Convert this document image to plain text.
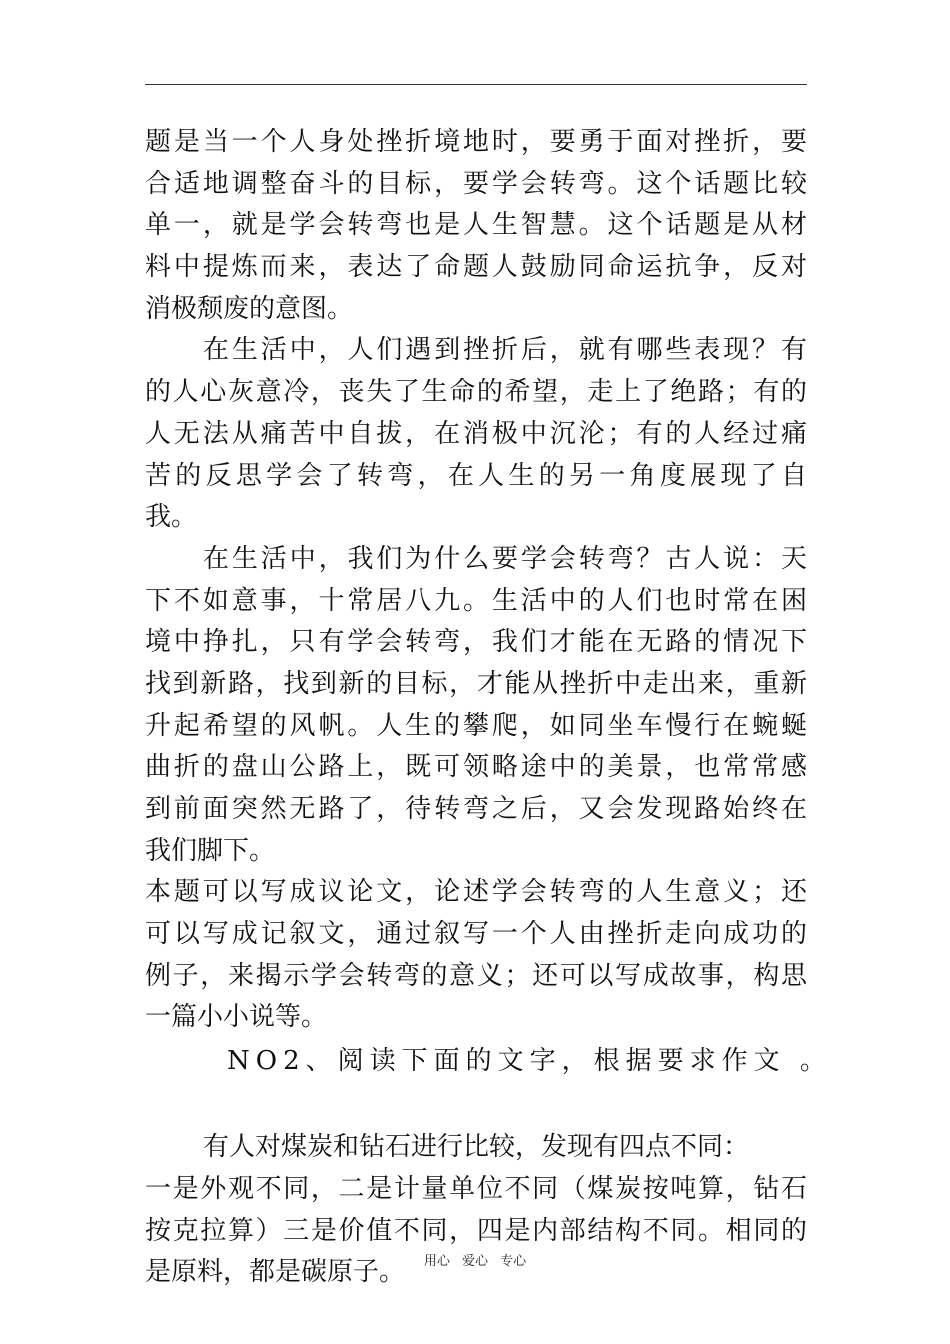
题是当一个人身处挫折境地时，要勇于面对挫折，要
合适地调整奋斗的目标，要学会转弯。这个话题比较
单一，就是学会转弯也是人生智慧。这个话题是从材
料中提炼而来，表达了命题人鼓励同命运抗争，反对
消极颓废的意图。
在生活中，人们遇到挫折后，就有哪些表现？有
的人心灰意冷，丧失了生命的希望，走上了绝路；有的
人无法从痛苦中自拔，在消极中沉沦；有的人经过痛
苦的反思学会了转弯，在人生的另一角度展现了自
我。
在生活中，我们为什么要学会转弯？古人说：天
下不如意事，十常居八九。生活中的人们也时常在困
境中挣扎，只有学会转弯，我们才能在无路的情况下
找到新路，找到新的目标，才能从挫折中走出来，重新
升起希望的风帆。人生的攀爬，如同坐车慢行在蜿蜒
曲折的盘山公路上，既可领略途中的美景，也常常感
到前面突然无路了，待转弯之后，又会发现路始终在
我们脚下。
本题可以写成议论文，论述学会转弯的人生意义；还
可以写成记叙文，通过叙写一个人由挫折走向成功的
例子，来揭示学会转弯的意义；还可以写成故事，构思
一篇小小说等。
NO2、阅读下面的文字，根据要求作文 。
有人对煤炭和钻石进行比较，发现有四点不同：
一是外观不同，二是计量单位不同（煤炭按吨算，钻石
按克拉算）三是价值不同，四是内部结构不同。相同的
是原料，都是碳原子。	用心 爱心 专心
